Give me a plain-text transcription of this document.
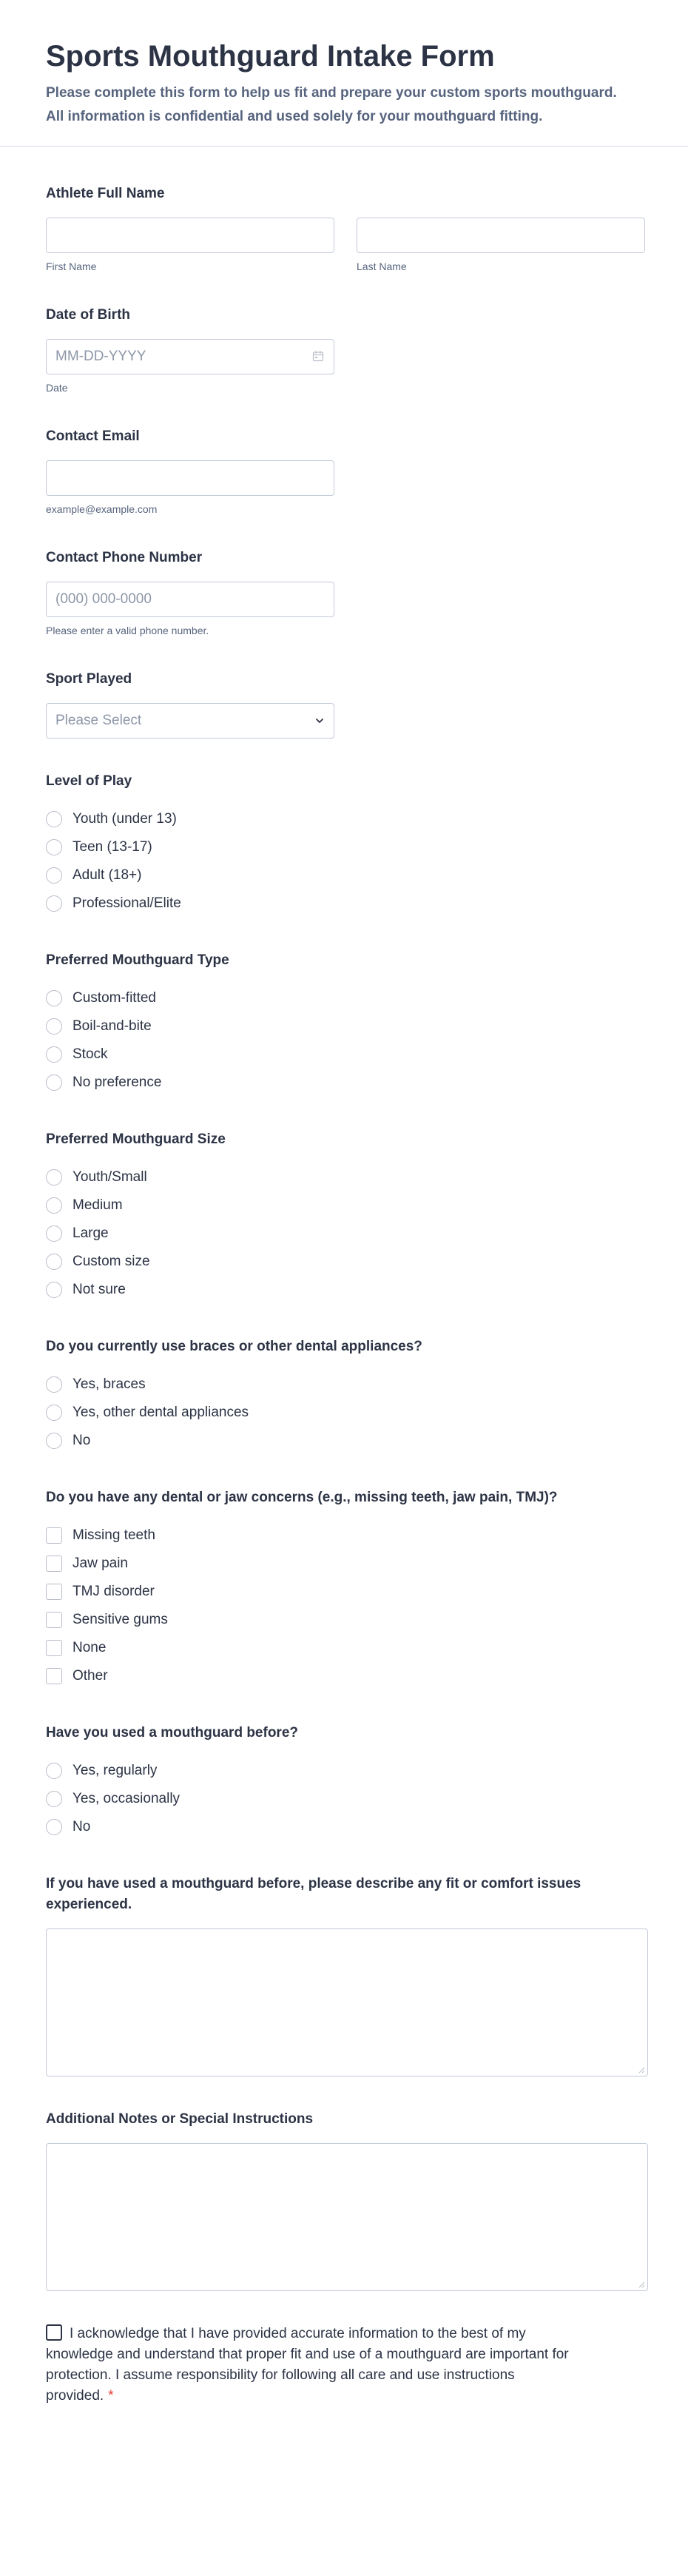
Sports Mouthguard Intake Form
Please complete this form to help us fit and prepare your custom sports mouthguard. All information is confidential and used solely for your mouthguard fitting.
Athlete Full Name
First Name	Last Name
Date of Birth
MM-DD-YYYY
Date
Contact Email
example@example.com
Contact Phone Number
(000) 000-0000
Please enter a valid phone number.
Sport Played
Please Select
Level of Play
Youth (under 13)
Teen (13-17)
Adult (18+)
Professional/Elite
Preferred Mouthguard Type
Custom-fitted
Boil-and-bite
Stock
No preference
Preferred Mouthguard Size
Youth/Small
Medium
Large
Custom size
Not sure
Do you currently use braces or other dental appliances?
Yes, braces
Yes, other dental appliances
No
Do you have any dental or jaw concerns (e.g., missing teeth, jaw pain, TMJ)?
Missing teeth
Jaw pain
TMJ disorder
Sensitive gums
None
Other
Have you used a mouthguard before?
Yes, regularly
Yes, occasionally
No
If you have used a mouthguard before, please describe any fit or comfort issues experienced.
Additional Notes or Special Instructions
I acknowledge that I have provided accurate information to the best of my knowledge and understand that proper fit and use of a mouthguard are important for protection. I assume responsibility for following all care and use instructions provided. *
